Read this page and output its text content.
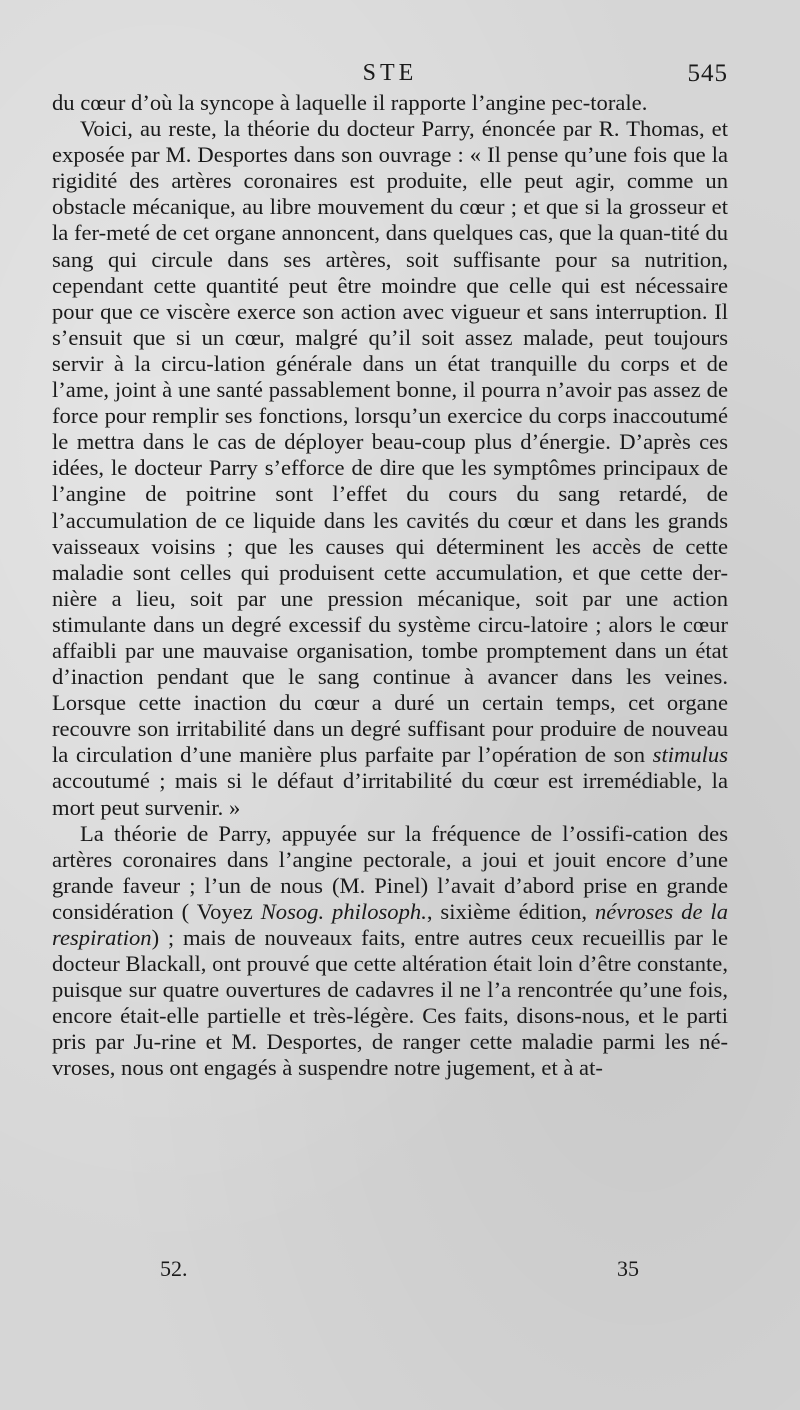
STE	545

du cœur d’où la syncope à laquelle il rapporte l’angine pec-torale.

Voici, au reste, la théorie du docteur Parry, énoncée par R. Thomas, et exposée par M. Desportes dans son ouvrage : « Il pense qu’une fois que la rigidité des artères coronaires est produite, elle peut agir, comme un obstacle mécanique, au libre mouvement du cœur ; et que si la grosseur et la fer-meté de cet organe annoncent, dans quelques cas, que la quan-tité du sang qui circule dans ses artères, soit suffisante pour sa nutrition, cependant cette quantité peut être moindre que celle qui est nécessaire pour que ce viscère exerce son action avec vigueur et sans interruption. Il s’ensuit que si un cœur, malgré qu’il soit assez malade, peut toujours servir à la circu-lation générale dans un état tranquille du corps et de l’ame, joint à une santé passablement bonne, il pourra n’avoir pas assez de force pour remplir ses fonctions, lorsqu’un exercice du corps inaccoutumé le mettra dans le cas de déployer beau-coup plus d’énergie. D’après ces idées, le docteur Parry s’efforce de dire que les symptômes principaux de l’angine de poitrine sont l’effet du cours du sang retardé, de l’accumulation de ce liquide dans les cavités du cœur et dans les grands vaisseaux voisins ; que les causes qui déterminent les accès de cette maladie sont celles qui produisent cette accumulation, et que cette der-nière a lieu, soit par une pression mécanique, soit par une action stimulante dans un degré excessif du système circu-latoire ; alors le cœur affaibli par une mauvaise organisation, tombe promptement dans un état d’inaction pendant que le sang continue à avancer dans les veines. Lorsque cette inaction du cœur a duré un certain temps, cet organe recouvre son irritabilité dans un degré suffisant pour produire de nouveau la circulation d’une manière plus parfaite par l’opération de son stimulus accoutumé ; mais si le défaut d’irritabilité du cœur est irremédiable, la mort peut survenir. »

La théorie de Parry, appuyée sur la fréquence de l’ossifi-cation des artères coronaires dans l’angine pectorale, a joui et jouit encore d’une grande faveur ; l’un de nous (M. Pinel) l’avait d’abord prise en grande considération ( Voyez Nosog. philosoph., sixième édition, névroses de la respiration) ; mais de nouveaux faits, entre autres ceux recueillis par le docteur Blackall, ont prouvé que cette altération était loin d’être constante, puisque sur quatre ouvertures de cadavres il ne l’a rencontrée qu’une fois, encore était-elle partielle et très-légère. Ces faits, disons-nous, et le parti pris par Ju-rine et M. Desportes, de ranger cette maladie parmi les né-vroses, nous ont engagés à suspendre notre jugement, et à at-

52.	35
